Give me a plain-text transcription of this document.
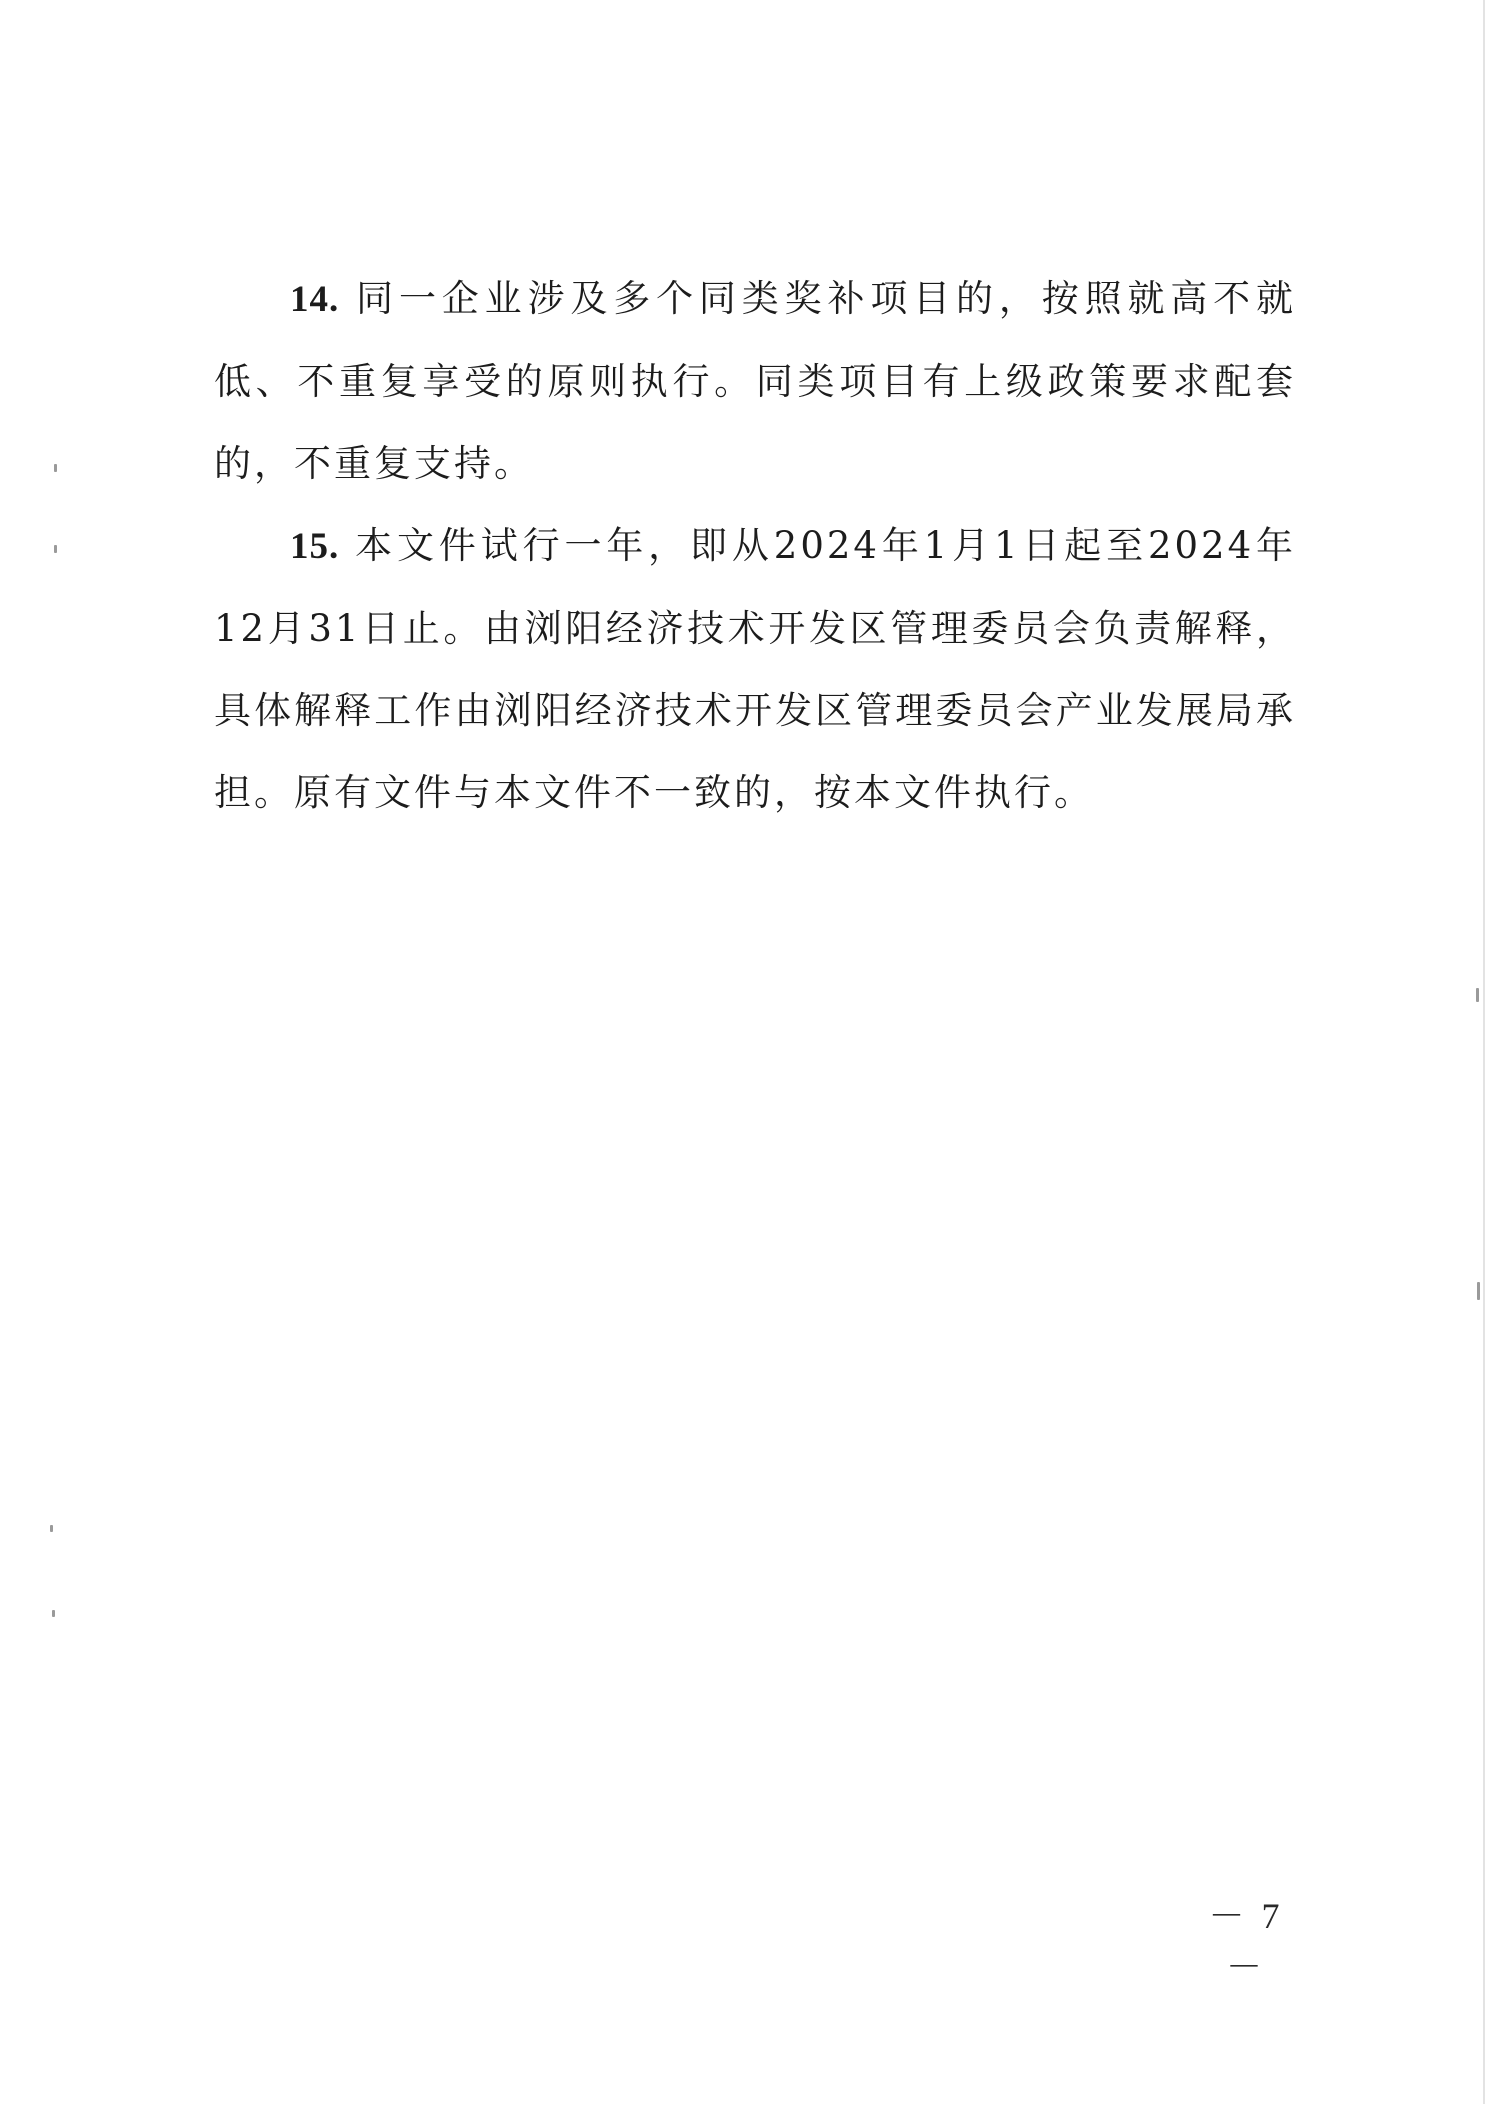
14. 同一企业涉及多个同类奖补项目的，按照就高不就低、不重复享受的原则执行。同类项目有上级政策要求配套的，不重复支持。

15. 本文件试行一年，即从2024年1月1日起至2024年12月31日止。由浏阳经济技术开发区管理委员会负责解释，具体解释工作由浏阳经济技术开发区管理委员会产业发展局承担。原有文件与本文件不一致的，按本文件执行。

－ 7 －
